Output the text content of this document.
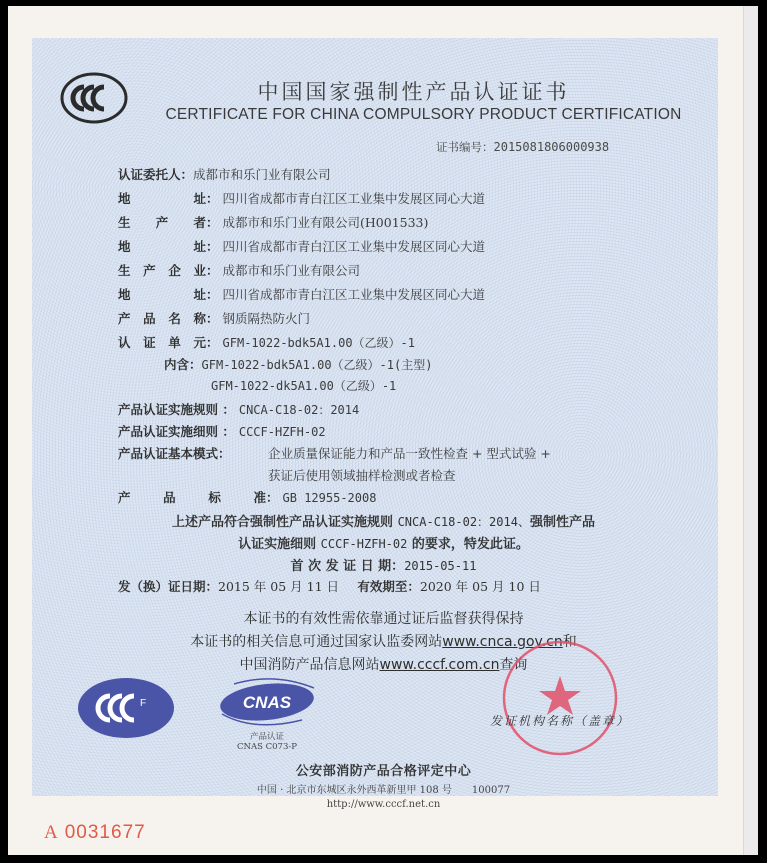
中国国家强制性产品认证证书
CERTIFICATE FOR CHINA COMPULSORY PRODUCT CERTIFICATION
证书编号：2015081806000938
认证委托人：成都市和乐门业有限公司
地	址 ： 四川省成都市青白江区工业集中发展区同心大道
生 产 者 ： 成都市和乐门业有限公司(H001533)
地	址 ： 四川省成都市青白江区工业集中发展区同心大道
生 产 企 业 ： 成都市和乐门业有限公司
地	址 ： 四川省成都市青白江区工业集中发展区同心大道
产 品 名 称 ： 钢质隔热防火门
认 证 单 元 ： GFM-1022-bdk5A1.00（乙级）-1
内含：GFM-1022-bdk5A1.00（乙级）-1(主型)
GFM-1022-dk5A1.00（乙级）-1
产品认证实施规则 ： CNCA-C18-02：2014
产品认证实施细则 ： CCCF-HZFH-02
产品认证基本模式：	企业质量保证能力和产品一致性检查 + 型式试验 +
获证后使用领域抽样检测或者检查
产	品	标	准 ： GB 12955-2008
上述产品符合强制性产品认证实施规则 CNCA-C18-02：2014、强制性产品
认证实施细则 CCCF-HZFH-02 的要求，特发此证。
首 次 发 证 日 期：2015-05-11
发（换）证日期：2015 年 05 月 11 日 有效期至：2020 年 05 月 10 日
本证书的有效性需依靠通过证后监督获得保持
本证书的相关信息可通过国家认监委网站www.cnca.gov.cn和
中国消防产品信息网站www.cccf.com.cn查询
F	CNAS
产品认证
CNAS C073-P
发证机构名称（盖章）
公安部消防产品合格评定中心
中国 · 北京市东城区永外西革新里甲 108 号　　100077
http://www.cccf.net.cn
A 0031677
